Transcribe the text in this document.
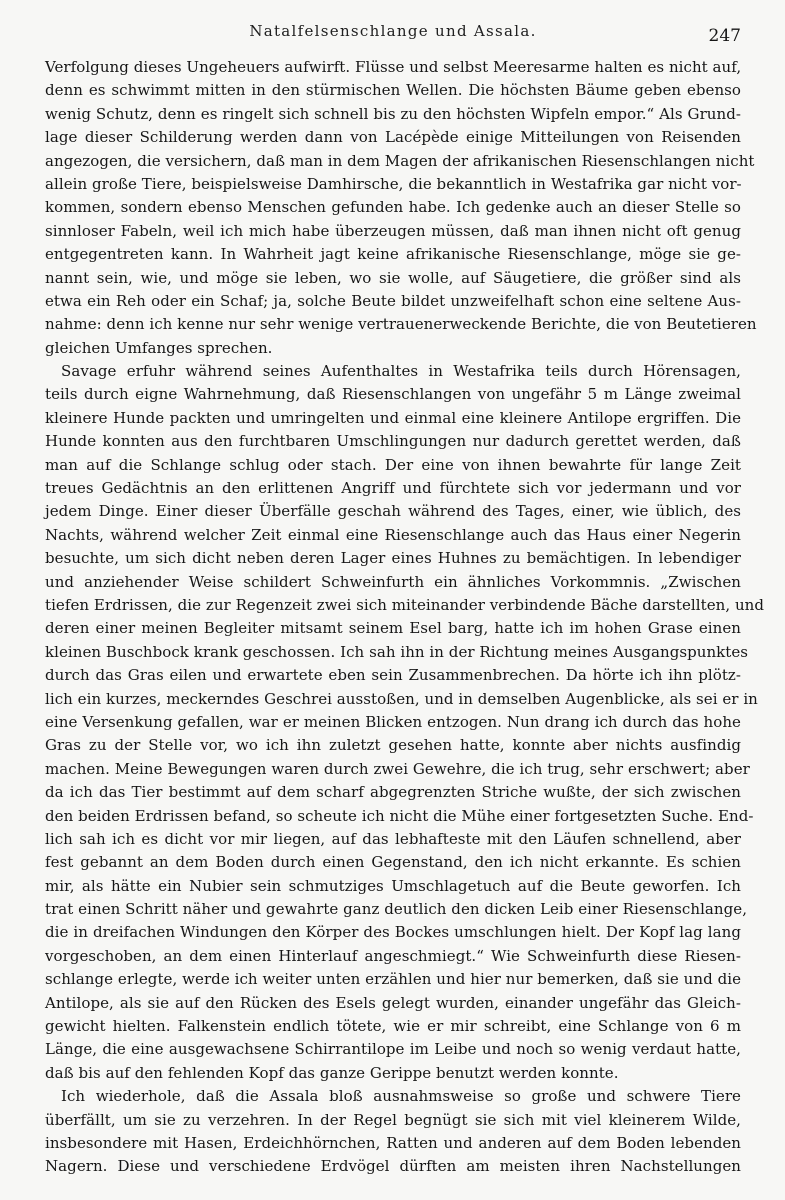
Natalfelsenschlange und Assala.	247
Verfolgung dieses Ungeheuers aufwirft. Flüsse und selbst Meeresarme halten es nicht auf,
denn es schwimmt mitten in den stürmischen Wellen. Die höchsten Bäume geben ebenso
wenig Schutz, denn es ringelt sich schnell bis zu den höchsten Wipfeln empor.“ Als Grund-
lage dieser Schilderung werden dann von Lacépède einige Mitteilungen von Reisenden
angezogen, die versichern, daß man in dem Magen der afrikanischen Riesenschlangen nicht
allein große Tiere, beispielsweise Damhirsche, die bekanntlich in Westafrika gar nicht vor-
kommen, sondern ebenso Menschen gefunden habe. Ich gedenke auch an dieser Stelle so
sinnloser Fabeln, weil ich mich habe überzeugen müssen, daß man ihnen nicht oft genug
entgegentreten kann. In Wahrheit jagt keine afrikanische Riesenschlange, möge sie ge-
nannt sein, wie, und möge sie leben, wo sie wolle, auf Säugetiere, die größer sind als
etwa ein Reh oder ein Schaf; ja, solche Beute bildet unzweifelhaft schon eine seltene Aus-
nahme: denn ich kenne nur sehr wenige vertrauenerweckende Berichte, die von Beutetieren
gleichen Umfanges sprechen.
Savage erfuhr während seines Aufenthaltes in Westafrika teils durch Hörensagen,
teils durch eigne Wahrnehmung, daß Riesenschlangen von ungefähr 5 m Länge zweimal
kleinere Hunde packten und umringelten und einmal eine kleinere Antilope ergriffen. Die
Hunde konnten aus den furchtbaren Umschlingungen nur dadurch gerettet werden, daß
man auf die Schlange schlug oder stach. Der eine von ihnen bewahrte für lange Zeit
treues Gedächtnis an den erlittenen Angriff und fürchtete sich vor jedermann und vor
jedem Dinge. Einer dieser Überfälle geschah während des Tages, einer, wie üblich, des
Nachts, während welcher Zeit einmal eine Riesenschlange auch das Haus einer Negerin
besuchte, um sich dicht neben deren Lager eines Huhnes zu bemächtigen. In lebendiger
und anziehender Weise schildert Schweinfurth ein ähnliches Vorkommnis. „Zwischen
tiefen Erdrissen, die zur Regenzeit zwei sich miteinander verbindende Bäche darstellten, und
deren einer meinen Begleiter mitsamt seinem Esel barg, hatte ich im hohen Grase einen
kleinen Buschbock krank geschossen. Ich sah ihn in der Richtung meines Ausgangspunktes
durch das Gras eilen und erwartete eben sein Zusammenbrechen. Da hörte ich ihn plötz-
lich ein kurzes, meckerndes Geschrei ausstoßen, und in demselben Augenblicke, als sei er in
eine Versenkung gefallen, war er meinen Blicken entzogen. Nun drang ich durch das hohe
Gras zu der Stelle vor, wo ich ihn zuletzt gesehen hatte, konnte aber nichts ausfindig
machen. Meine Bewegungen waren durch zwei Gewehre, die ich trug, sehr erschwert; aber
da ich das Tier bestimmt auf dem scharf abgegrenzten Striche wußte, der sich zwischen
den beiden Erdrissen befand, so scheute ich nicht die Mühe einer fortgesetzten Suche. End-
lich sah ich es dicht vor mir liegen, auf das lebhafteste mit den Läufen schnellend, aber
fest gebannt an dem Boden durch einen Gegenstand, den ich nicht erkannte. Es schien
mir, als hätte ein Nubier sein schmutziges Umschlagetuch auf die Beute geworfen. Ich
trat einen Schritt näher und gewahrte ganz deutlich den dicken Leib einer Riesenschlange,
die in dreifachen Windungen den Körper des Bockes umschlungen hielt. Der Kopf lag lang
vorgeschoben, an dem einen Hinterlauf angeschmiegt.“ Wie Schweinfurth diese Riesen-
schlange erlegte, werde ich weiter unten erzählen und hier nur bemerken, daß sie und die
Antilope, als sie auf den Rücken des Esels gelegt wurden, einander ungefähr das Gleich-
gewicht hielten. Falkenstein endlich tötete, wie er mir schreibt, eine Schlange von 6 m
Länge, die eine ausgewachsene Schirrantilope im Leibe und noch so wenig verdaut hatte,
daß bis auf den fehlenden Kopf das ganze Gerippe benutzt werden konnte.
Ich wiederhole, daß die Assala bloß ausnahmsweise so große und schwere Tiere
überfällt, um sie zu verzehren. In der Regel begnügt sie sich mit viel kleinerem Wilde,
insbesondere mit Hasen, Erdeichhörnchen, Ratten und anderen auf dem Boden lebenden
Nagern. Diese und verschiedene Erdvögel dürften am meisten ihren Nachstellungen
